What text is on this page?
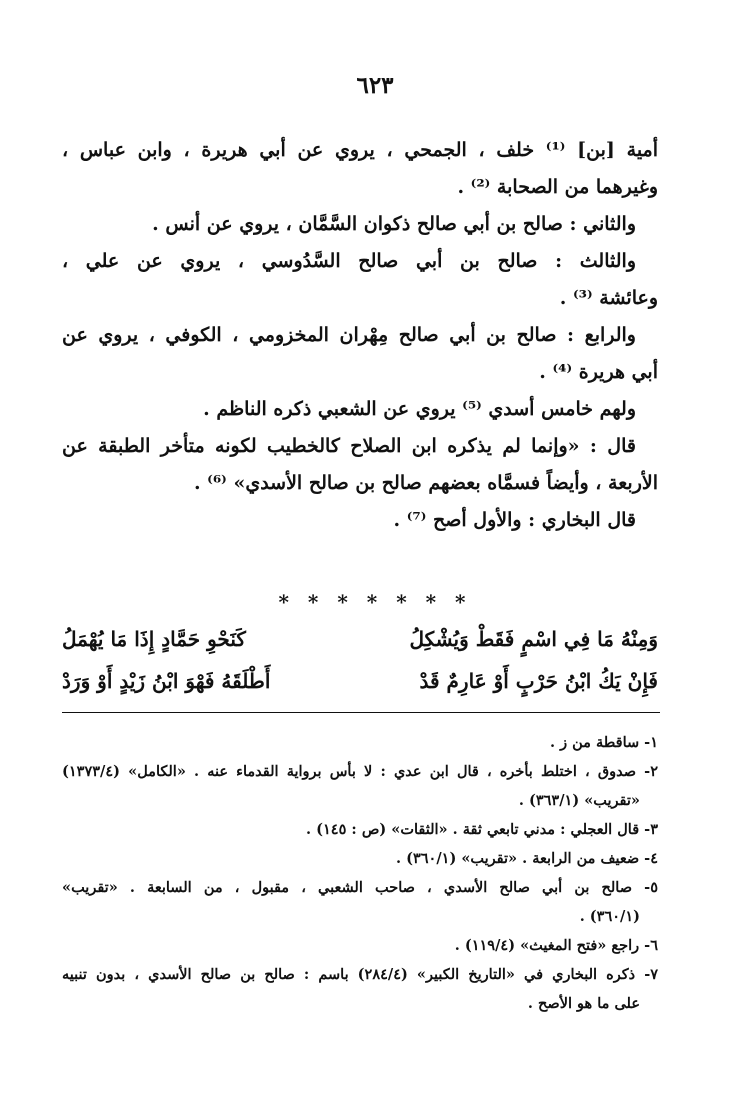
٦٢٣
أمية [بن] ⁽¹⁾ خلف ، الجمحي ، يروي عن أبي هريرة ، وابن عباس ،
وغيرهما من الصحابة ⁽²⁾ .
والثاني : صالح بن أبي صالح ذكوان السَّمَّان ، يروي عن أنس .
والثالث : صالح بن أبي صالح السَّدُوسي ، يروي عن علي ،
وعائشة ⁽³⁾ .
والرابع : صالح بن أبي صالح مِهْران المخزومي ، الكوفي ، يروي عن
أبي هريرة ⁽⁴⁾ .
ولهم خامس أسدي ⁽⁵⁾ يروي عن الشعبي ذكره الناظم .
قال : «وإنما لم يذكره ابن الصلاح كالخطيب لكونه متأخر الطبقة عن
الأربعة ، وأيضاً فسمَّاه بعضهم صالح بن صالح الأسدي» ⁽⁶⁾ .
قال البخاري : والأول أصح ⁽⁷⁾ .
* * * * * * *
وَمِنْهُ مَا فِي اسْمٍ فَقَطْ وَيُشْكِلُ
كَنَحْوِ حَمَّادٍ إِذَا مَا يُهْمَلُ
فَإِنْ يَكُ ابْنُ حَرْبٍ أَوْ عَارِمٌ قَدْ
أَطْلَقَهُ فَهْوَ ابْنُ زَيْدٍ أَوْ وَرَدْ
١- ساقطة من ز .
٢- صدوق ، اختلط بأخره ، قال ابن عدي : لا بأس برواية القدماء عنه . «الكامل» (١٣٧٣/٤)
«تقريب» (٣٦٣/١) .
٣- قال العجلي : مدني تابعي ثقة . «الثقات» (ص : ١٤٥) .
٤- ضعيف من الرابعة . «تقريب» (٣٦٠/١) .
٥- صالح بن أبي صالح الأسدي ، صاحب الشعبي ، مقبول ، من السابعة . «تقريب»
(٣٦٠/١) .
٦- راجع «فتح المغيث» (١١٩/٤) .
٧- ذكره البخاري في «التاريخ الكبير» (٢٨٤/٤) باسم : صالح بن صالح الأسدي ، بدون تنبيه
على ما هو الأصح .
